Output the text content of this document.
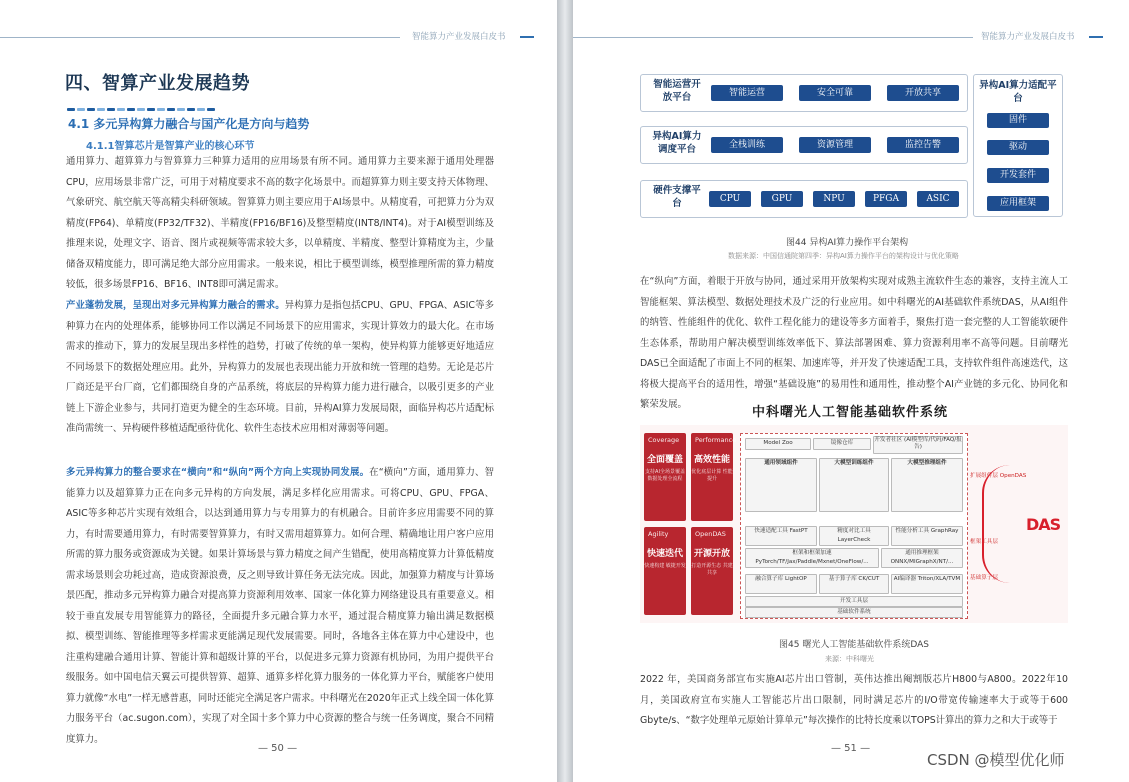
智能算力产业发展白皮书
四、智算产业发展趋势
4.1 多元异构算力融合与国产化是方向与趋势
4.1.1智算芯片是智算产业的核心环节
通用算力、超算算力与智算算力三种算力适用的应用场景有所不同。通用算力主要来源于通用处理器CPU，应用场景非常广泛，可用于对精度要求不高的数字化场景中。而超算算力则主要支持天体物理、气象研究、航空航天等高精尖科研领域。智算算力则主要应用于AI场景中。从精度看，可把算力分为双精度(FP64)、单精度(FP32/TF32)、半精度(FP16/BF16)及整型精度(INT8/INT4)。对于AI模型训练及推理来说，处理文字、语音、图片或视频等需求较大多，以单精度、半精度、整型计算精度为主，少量储备双精度能力，即可满足绝大部分应用需求。一般来说，相比于模型训练，模型推理所需的算力精度较低，很多场景FP16、BF16、INT8即可满足需求。
产业蓬勃发展，呈现出对多元异构算力融合的需求。异构算力是指包括CPU、GPU、FPGA、ASIC等多种算力在内的处理体系，能够协同工作以满足不同场景下的应用需求，实现计算效力的最大化。在市场需求的推动下，算力的发展呈现出多样性的趋势，打破了传统的单一架构，使异构算力能够更好地适应不同场景下的数据处理应用。此外，异构算力的发展也表现出能力开放和统一管理的趋势。无论是芯片厂商还是平台厂商，它们都围绕自身的产品系统，将底层的异构算力能力进行融合，以吸引更多的产业链上下游企业参与，共同打造更为健全的生态环境。目前，异构AI算力发展局限，面临异构芯片适配标准尚需统一、异构硬件移植适配亟待优化、软件生态技术应用相对薄弱等问题。
多元异构算力的整合要求在“横向”和“纵向”两个方向上实现协同发展。在“横向”方面，通用算力、智能算力以及超算算力正在向多元异构的方向发展，满足多样化应用需求。可将CPU、GPU、FPGA、ASIC等多种芯片实现有效组合，以达到通用算力与专用算力的有机融合。目前许多应用需要不同的算力，有时需要通用算力，有时需要智算算力，有时又需用超算算力。如何合理、精确地让用户客户应用所需的算力服务或资源成为关键。如果计算场景与算力精度之间产生错配，使用高精度算力计算低精度需求场景则会功耗过高，造成资源浪费，反之则导致计算任务无法完成。因此，加强算力精度与计算场景匹配，推动多元异构算力融合对提高算力资源利用效率、国家一体化算力网络建设具有重要意义。相较于垂直发展专用智能算力的路径，全面提升多元融合算力水平，通过混合精度算力输出满足数据模拟、模型训练、智能推理等多样需求更能满足现代发展需要。同时，各地各主体在算力中心建设中，也注重构建融合通用计算、智能计算和超级计算的平台，以促进多元算力资源有机协同，为用户提供平台级服务。如中国电信天翼云可提供智算、超算、通算多样化算力服务的一体化算力平台，赋能客户使用算力就像“水电”一样无感普惠，同时还能完全满足客户需求。中科曙光在2020年正式上线全国一体化算力服务平台（ac.sugon.com），实现了对全国十多个算力中心资源的整合与统一任务调度，聚合不同精度算力。
— 50 —
智能算力产业发展白皮书
智能运营开放平台	智能运营	安全可靠	开放共享
异构AI算力调度平台	全栈训练	资源管理	监控告警
硬件支撑平台	CPU	GPU	NPU	PFGA	ASIC
异构AI算力适配平台
固件
驱动
开发套件
应用框架
图44 异构AI算力操作平台架构
数据来源：中国信通院第四季：异构AI算力操作平台的架构设计与优化策略
在“纵向”方面，着眼于开放与协同，通过采用开放架构实现对成熟主流软件生态的兼容，支持主流人工智能框架、算法模型、数据处理技术及广泛的行业应用。如中科曙光的AI基础软件系统DAS，从AI组件的纳管、性能组件的优化、软件工程化能力的建设等多方面着手，聚焦打造一套完整的人工智能软硬件生态体系，帮助用户解决模型训练效率低下、算法部署困难、算力资源利用率不高等问题。目前曙光DAS已全面适配了市面上不同的框架、加速库等，并开发了快速适配工具，支持软件组件高速迭代，这将极大提高平台的适用性，增强“基础设施”的易用性和通用性，推动整个AI产业链的多元化、协同化和繁荣发展。
中科曙光人工智能基础软件系统
Coverage
全面覆盖
支持AI全场景覆盖 数据处理全流程
Performance
高效性能
优化底层计算 性能提升
Agility
快速迭代
快速构建 敏捷开发
OpenDAS
开源开放
打造开源生态 共建共享
Model Zoo	镜像仓库	开发者社区 (AI模型库/代码/FAQ/报告)
通用领域组件	大模型训练组件	大模型推理组件
快速适配工具 FastPT	精度对比工具 LayerCheck
性能分析工具 GraphRay
框架和框架加速 PyTorch/TF/Jax/Paddle/Mxnet/OneFlow/...
通用推理框架 ONNX/MIGraphX/NT/...
融合算子库 LightOP	基于算子库 CK/CUT	AI编译器 Triton/XLA/TVM
开发工具层
基础软件系统
扩展组件层 OpenDAS
框架工具层
基础算子层
DAS
图45 曙光人工智能基础软件系统DAS
来源：中科曙光
2022 年，美国商务部宣布实施AI芯片出口管制，英伟达推出阉割版芯片H800与A800。2022年10月，美国政府宣布实施人工智能芯片出口限制，同时满足芯片的I/O带宽传输速率大于或等于600 Gbyte/s、“数字处理单元原始计算单元”每次操作的比特长度乘以TOPS计算出的算力之和大于或等于
— 51 —
CSDN @模型优化师
